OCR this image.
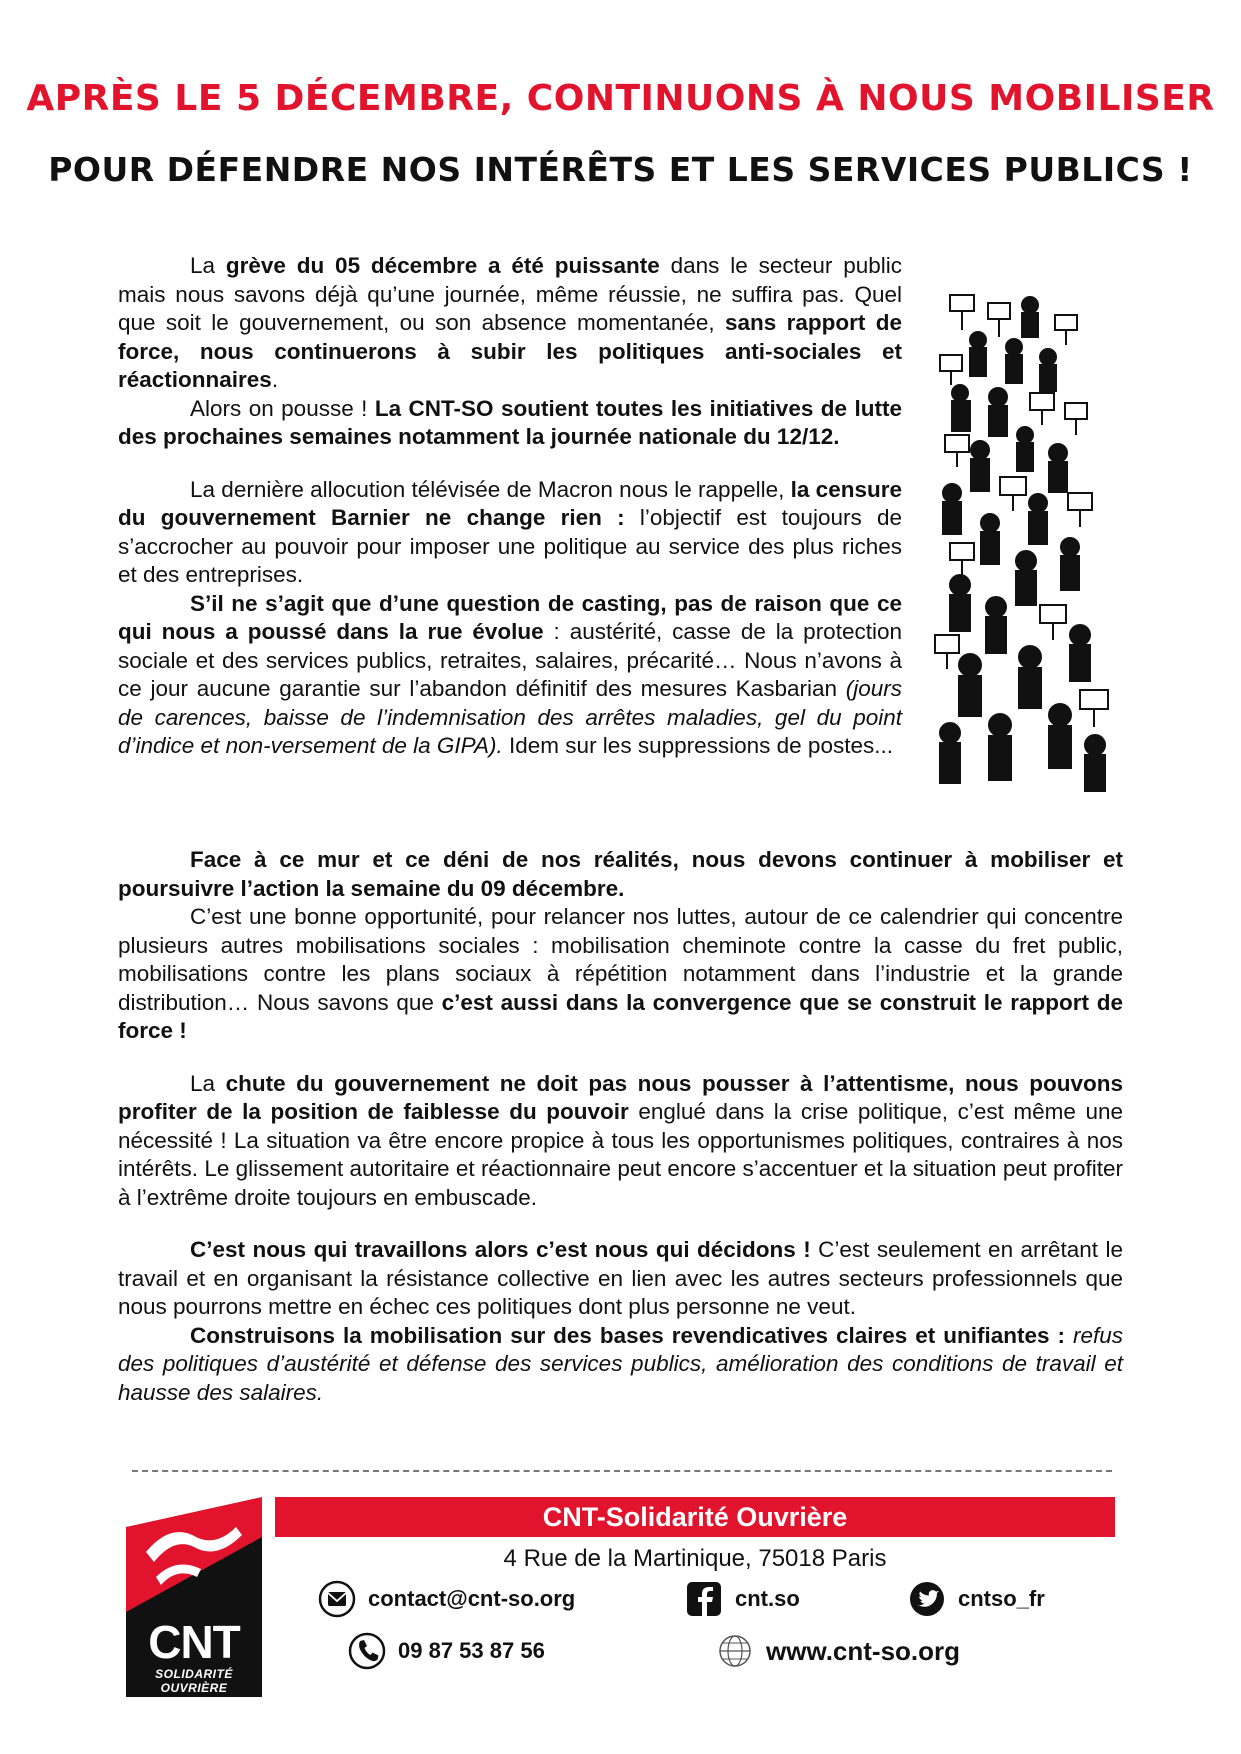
APRÈS LE 5 DÉCEMBRE, CONTINUONS À NOUS MOBILISER
POUR DÉFENDRE NOS INTÉRÊTS ET LES SERVICES PUBLICS !

La grève du 05 décembre a été puissante dans le secteur public mais nous savons déjà qu’une journée, même réussie, ne suffira pas. Quel que soit le gouvernement, ou son absence momentanée, sans rapport de force, nous continuerons à subir les politiques anti-sociales et réactionnaires.

Alors on pousse ! La CNT-SO soutient toutes les initiatives de lutte des prochaines semaines notamment la journée nationale du 12/12.

La dernière allocution télévisée de Macron nous le rappelle, la censure du gouvernement Barnier ne change rien : l’objectif est toujours de s’accrocher au pouvoir pour imposer une politique au service des plus riches et des entreprises.

S’il ne s’agit que d’une question de casting, pas de raison que ce qui nous a poussé dans la rue évolue : austérité, casse de la protection sociale et des services publics, retraites, salaires, précarité… Nous n’avons à ce jour aucune garantie sur l’abandon définitif des mesures Kasbarian (jours de carences, baisse de l’indemnisation des arrêtes maladies, gel du point d’indice et non-versement de la GIPA). Idem sur les suppressions de postes...

Face à ce mur et ce déni de nos réalités, nous devons continuer à mobiliser et poursuivre l’action la semaine du 09 décembre.

C’est une bonne opportunité, pour relancer nos luttes, autour de ce calendrier qui concentre plusieurs autres mobilisations sociales : mobilisation cheminote contre la casse du fret public, mobilisations contre les plans sociaux à répétition notamment dans l’industrie et la grande distribution… Nous savons que c’est aussi dans la convergence que se construit le rapport de force !

La chute du gouvernement ne doit pas nous pousser à l’attentisme, nous pouvons profiter de la position de faiblesse du pouvoir englué dans la crise politique, c’est même une nécessité ! La situation va être encore propice à tous les opportunismes politiques, contraires à nos intérêts. Le glissement autoritaire et réactionnaire peut encore s’accentuer et la situation peut profiter à l’extrême droite toujours en embuscade.

C’est nous qui travaillons alors c’est nous qui décidons ! C’est seulement en arrêtant le travail et en organisant la résistance collective en lien avec les autres secteurs professionnels que nous pourrons mettre en échec ces politiques dont plus personne ne veut.

Construisons la mobilisation sur des bases revendicatives claires et unifiantes : refus des politiques d’austérité et défense des services publics, amélioration des conditions de travail et hausse des salaires.

CNT
SOLIDARITÉ
OUVRIÈRE
CNT-Solidarité Ouvrière
4 Rue de la Martinique, 75018 Paris
contact@cnt-so.org	cnt.so	cntso_fr
09 87 53 87 56	www.cnt-so.org
